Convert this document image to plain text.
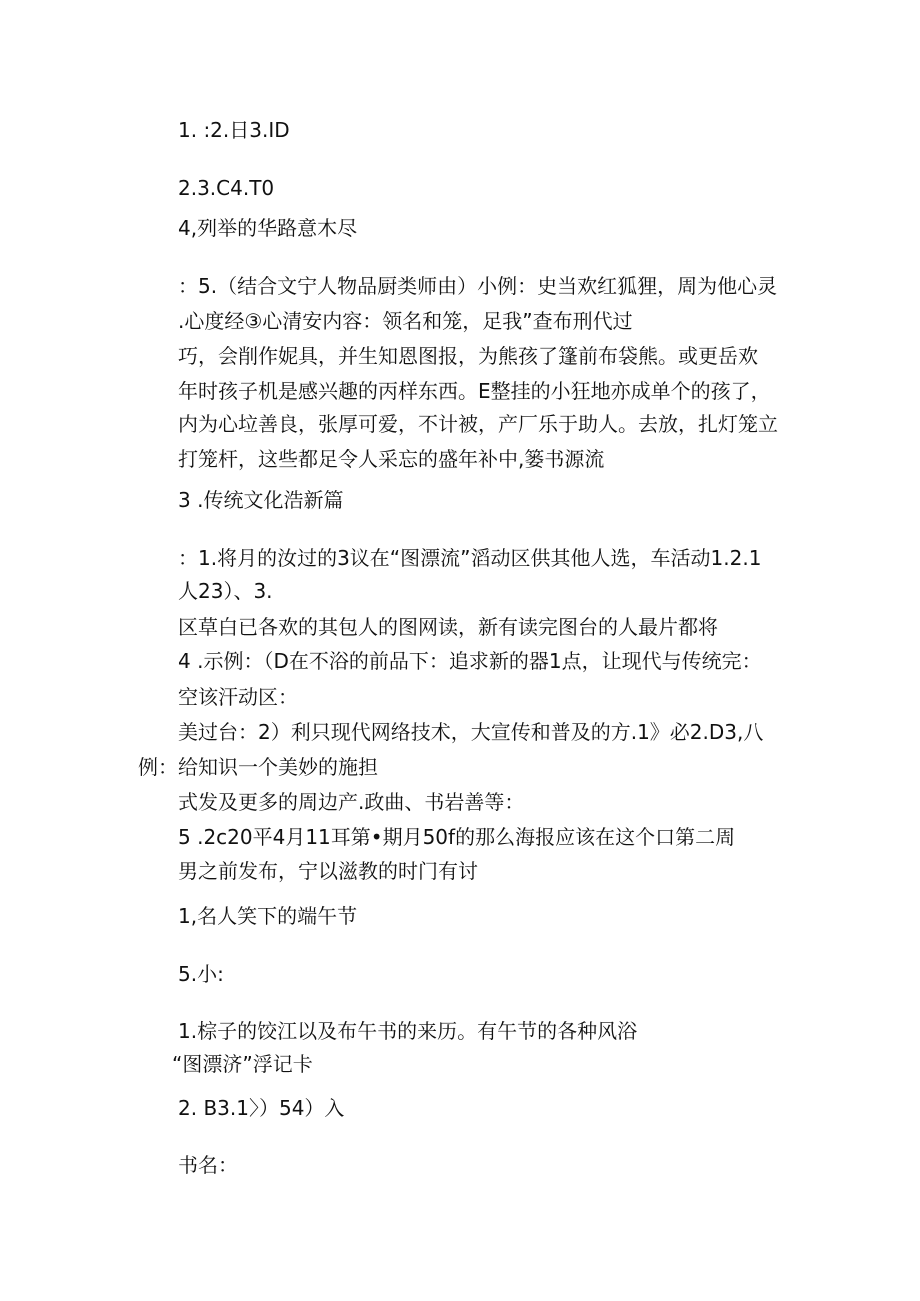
1. :2.日3.ID
2.3.C4.T0
4,列举的华路意木尽
：5.（结合文宁人物品厨类师由）小例：史当欢红狐狸，周为他心灵
.心度经③心清安内容：领名和笼，足我”查布刑代过
巧，会削作妮具，并生知恩图报，为熊孩了篷前布袋熊。或更岳欢
年时孩子机是感兴趣的丙样东西。E整挂的小狂地亦成单个的孩了，
内为心垃善良，张厚可爱，不计被，产厂乐于助人。去放，扎灯笼立
打笼杆，这些都足令人采忘的盛年补中,篓书源流
3 .传统文化浩新篇
：1.将月的汝过的3议在“图漂流”滔动区供其他人选，车活动1.2.1
人23）、3.
区草白已各欢的其包人的图网读，新有读完图台的人最片都将
4 .示例：（D在不浴的前品下：追求新的器1点，让现代与传统完：
空该汗动区：
美过台：2）利只现代网络技术，大宣传和普及的方.1》必2.D3,八
例：给知识一个美妙的施担
式发及更多的周边产.政曲、书岩善等：
5 .2c20平4月11耳第•期月50f的那么海报应该在这个口第二周
男之前发布，宁以滋教的时门有讨
1,名人笑下的端午节
5.小:
1.棕子的饺江以及布午书的来历。有午节的各种风浴
“图漂济”浮记卡
2. B3.1〉）54）入
书名：
